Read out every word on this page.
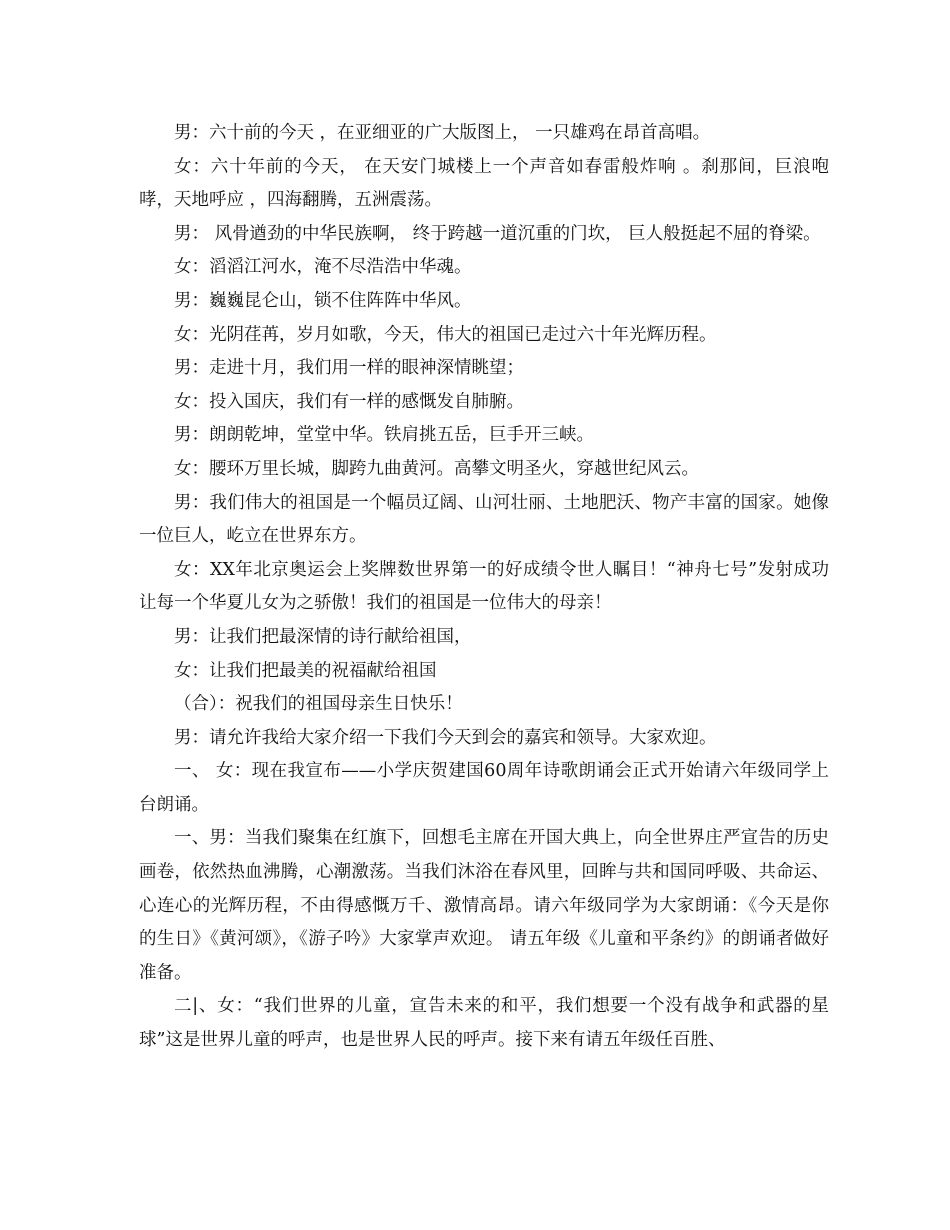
男：六十前的今天 ，在亚细亚的广大版图上， 一只雄鸡在昂首高唱。

女：六十年前的今天， 在天安门城楼上一个声音如春雷般炸响 。刹那间，巨浪咆哮，天地呼应 ，四海翻腾，五洲震荡。

男： 风骨遒劲的中华民族啊， 终于跨越一道沉重的门坎， 巨人般挺起不屈的脊梁。

女：滔滔江河水，淹不尽浩浩中华魂。

男：巍巍昆仑山，锁不住阵阵中华风。

女：光阴荏苒，岁月如歌，今天，伟大的祖国已走过六十年光辉历程。

男：走进十月，我们用一样的眼神深情眺望；

女：投入国庆，我们有一样的感慨发自肺腑。

男：朗朗乾坤，堂堂中华。铁肩挑五岳，巨手开三峡。

女：腰环万里长城，脚跨九曲黄河。高攀文明圣火，穿越世纪风云。

男：我们伟大的祖国是一个幅员辽阔、山河壮丽、土地肥沃、物产丰富的国家。她像一位巨人，屹立在世界东方。

女：XX年北京奥运会上奖牌数世界第一的好成绩令世人瞩目！“神舟七号”发射成功让每一个华夏儿女为之骄傲！我们的祖国是一位伟大的母亲！

男：让我们把最深情的诗行献给祖国，

女：让我们把最美的祝福献给祖国

（合）：祝我们的祖国母亲生日快乐！

男：请允许我给大家介绍一下我们今天到会的嘉宾和领导。大家欢迎。

一、 女：现在我宣布——小学庆贺建国60周年诗歌朗诵会正式开始请六年级同学上台朗诵。

一、男：当我们聚集在红旗下，回想毛主席在开国大典上，向全世界庄严宣告的历史画卷，依然热血沸腾，心潮激荡。当我们沐浴在春风里，回眸与共和国同呼吸、共命运、心连心的光辉历程，不由得感慨万千、激情高昂。请六年级同学为大家朗诵：《今天是你的生日》《黄河颂》，《游子吟》大家掌声欢迎。 请五年级《儿童和平条约》的朗诵者做好准备。

二|、女：“我们世界的儿童，宣告未来的和平，我们想要一个没有战争和武器的星球”这是世界儿童的呼声，也是世界人民的呼声。接下来有请五年级任百胜、
